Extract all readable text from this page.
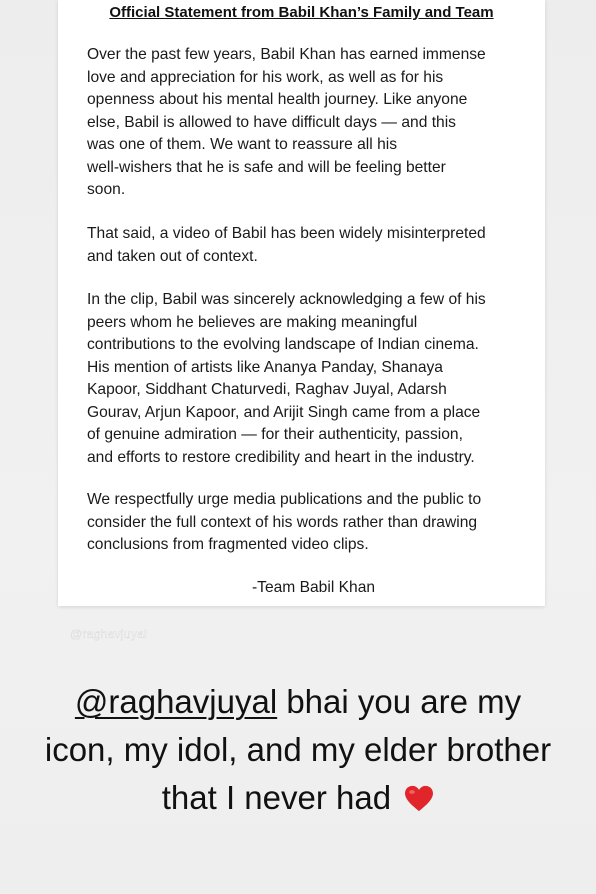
Official Statement from Babil Khan’s Family and Team

Over the past few years, Babil Khan has earned immense
love and appreciation for his work, as well as for his
openness about his mental health journey. Like anyone
else, Babil is allowed to have difficult days — and this
was one of them. We want to reassure all his
well-wishers that he is safe and will be feeling better
soon.

That said, a video of Babil has been widely misinterpreted
and taken out of context.

In the clip, Babil was sincerely acknowledging a few of his
peers whom he believes are making meaningful
contributions to the evolving landscape of Indian cinema.
His mention of artists like Ananya Panday, Shanaya
Kapoor, Siddhant Chaturvedi, Raghav Juyal, Adarsh
Gourav, Arjun Kapoor, and Arijit Singh came from a place
of genuine admiration — for their authenticity, passion,
and efforts to restore credibility and heart in the industry.

We respectfully urge media publications and the public to
consider the full context of his words rather than drawing
conclusions from fragmented video clips.

-Team Babil Khan
@raghavjuyal
@raghavjuyal bhai you are my icon, my idol, and my elder brother that I never had
